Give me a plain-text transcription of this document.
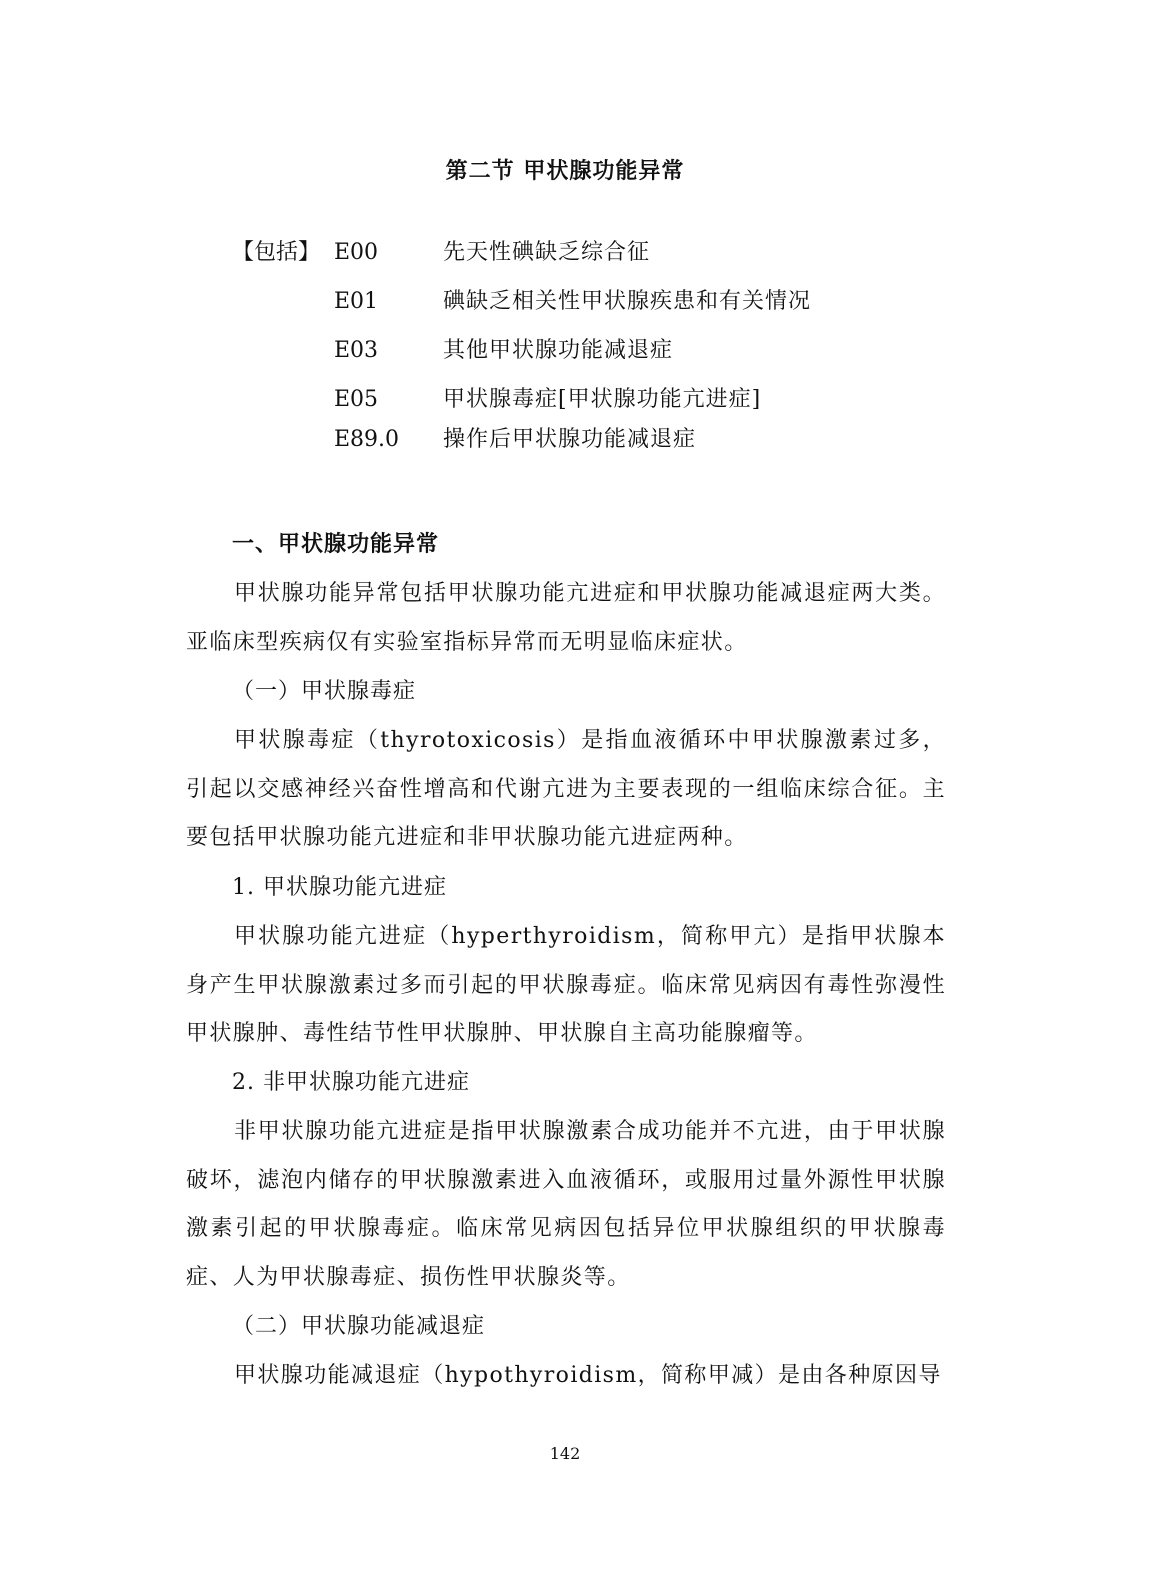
第二节 甲状腺功能异常
【包括】 E00	先天性碘缺乏综合征
E01	碘缺乏相关性甲状腺疾患和有关情况
E03	其他甲状腺功能减退症
E05	甲状腺毒症[甲状腺功能亢进症]
E89.0 操作后甲状腺功能减退症
一、甲状腺功能异常

甲状腺功能异常包括甲状腺功能亢进症和甲状腺功能减退症两大类。亚临床型疾病仅有实验室指标异常而无明显临床症状。

（一）甲状腺毒症

甲状腺毒症（thyrotoxicosis）是指血液循环中甲状腺激素过多，引起以交感神经兴奋性增高和代谢亢进为主要表现的一组临床综合征。主要包括甲状腺功能亢进症和非甲状腺功能亢进症两种。

1. 甲状腺功能亢进症

甲状腺功能亢进症（hyperthyroidism，简称甲亢）是指甲状腺本身产生甲状腺激素过多而引起的甲状腺毒症。临床常见病因有毒性弥漫性甲状腺肿、毒性结节性甲状腺肿、甲状腺自主高功能腺瘤等。

2. 非甲状腺功能亢进症

非甲状腺功能亢进症是指甲状腺激素合成功能并不亢进，由于甲状腺破坏，滤泡内储存的甲状腺激素进入血液循环，或服用过量外源性甲状腺激素引起的甲状腺毒症。临床常见病因包括异位甲状腺组织的甲状腺毒症、人为甲状腺毒症、损伤性甲状腺炎等。

（二）甲状腺功能减退症

甲状腺功能减退症（hypothyroidism，简称甲减）是由各种原因导

142
